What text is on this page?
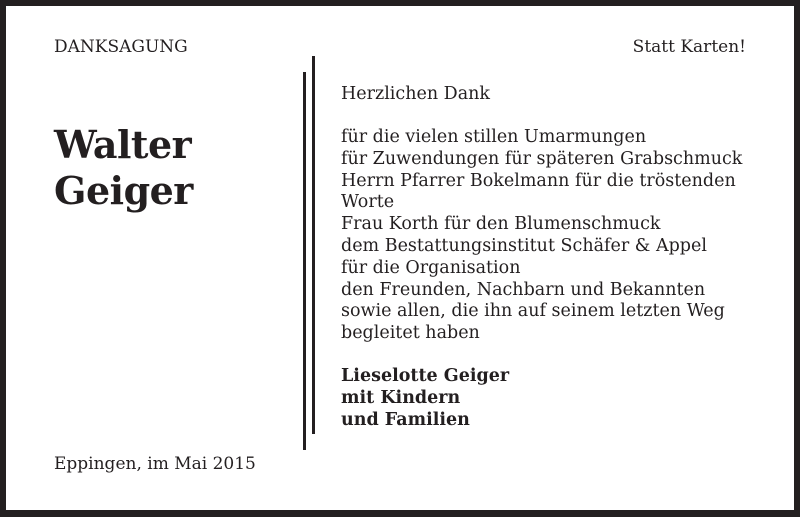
DANKSAGUNG	Statt Karten!
Walter
Geiger
Eppingen, im Mai 2015
Herzlichen Dank
für die vielen stillen Umarmungen
für Zuwendungen für späteren Grabschmuck
Herrn Pfarrer Bokelmann für die tröstenden
Worte
Frau Korth für den Blumenschmuck
dem Bestattungsinstitut Schäfer & Appel
für die Organisation
den Freunden, Nachbarn und Bekannten
sowie allen, die ihn auf seinem letzten Weg
begleitet haben
Lieselotte Geiger
mit Kindern
und Familien
